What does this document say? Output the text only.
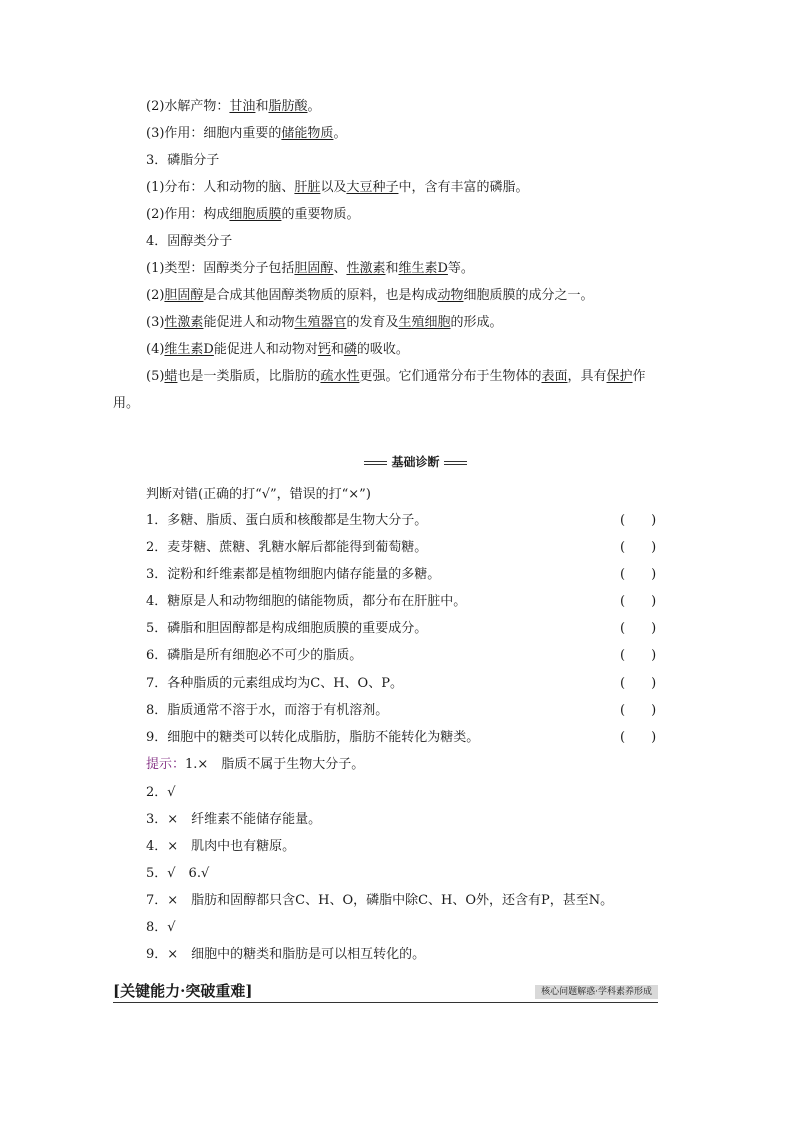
(2)水解产物：甘油和脂肪酸。
(3)作用：细胞内重要的储能物质。
3．磷脂分子
(1)分布：人和动物的脑、肝脏以及大豆种子中，含有丰富的磷脂。
(2)作用：构成细胞质膜的重要物质。
4．固醇类分子
(1)类型：固醇类分子包括胆固醇、性激素和维生素D等。
(2)胆固醇是合成其他固醇类物质的原料，也是构成动物细胞质膜的成分之一。
(3)性激素能促进人和动物生殖器官的发育及生殖细胞的形成。
(4)维生素D能促进人和动物对钙和磷的吸收。
(5)蜡也是一类脂质，比脂肪的疏水性更强。它们通常分布于生物体的表面，具有保护作
用。
基础诊断
判断对错(正确的打“√”，错误的打“×”)
1．多糖、脂质、蛋白质和核酸都是生物大分子。	(　　)
2．麦芽糖、蔗糖、乳糖水解后都能得到葡萄糖。	(　　)
3．淀粉和纤维素都是植物细胞内储存能量的多糖。	(　　)
4．糖原是人和动物细胞的储能物质，都分布在肝脏中。	(　　)
5．磷脂和胆固醇都是构成细胞质膜的重要成分。	(　　)
6．磷脂是所有细胞必不可少的脂质。	(　　)
7．各种脂质的元素组成均为C、H、O、P。	(　　)
8．脂质通常不溶于水，而溶于有机溶剂。	(　　)
9．细胞中的糖类可以转化成脂肪，脂肪不能转化为糖类。	(　　)
提示：1.×　脂质不属于生物大分子。
2．√
3．×　纤维素不能储存能量。
4．×　肌肉中也有糖原。
5．√　6.√
7．×　脂肪和固醇都只含C、H、O，磷脂中除C、H、O外，还含有P，甚至N。
8．√
9．×　细胞中的糖类和脂肪是可以相互转化的。
[关键能力·突破重难]	核心问题解惑·学科素养形成
